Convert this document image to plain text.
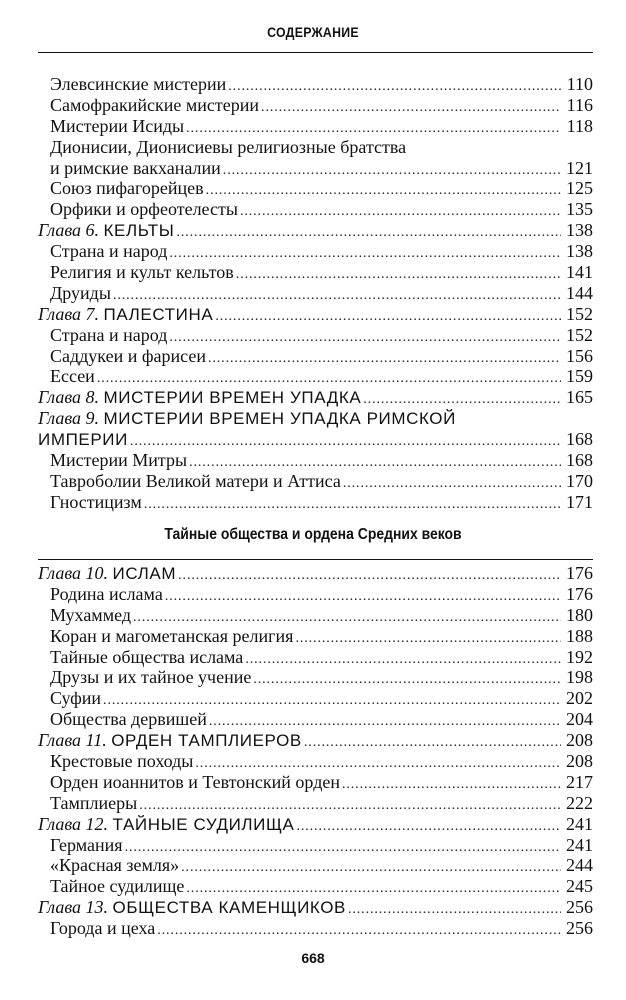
СОДЕРЖАНИЕ
Элевсинские мистерии . . .	110
Самофракийские мистерии . . .	116
Мистерии Исиды . . .	118
Дионисии, Дионисиевы религиозные братства
и римские вакханалии . . .	121
Союз пифагорейцев . . .	125
Орфики и орфеотелесты . . .	135
Глава 6. КЕЛЬТЫ . . .	138
Страна и народ . . .	138
Религия и культ кельтов . . .	141
Друиды . . .	144
Глава 7. ПАЛЕСТИНА . . .	152
Страна и народ . . .	152
Саддукеи и фарисеи . . .	156
Ессеи . . .	159
Глава 8. МИСТЕРИИ ВРЕМЕН УПАДКА . . .	165
Глава 9. МИСТЕРИИ ВРЕМЕН УПАДКА РИМСКОЙ
ИМПЕРИИ . . .	168
Мистерии Митры . . .	168
Тавроболии Великой матери и Аттиса . . .	170
Гностицизм . . .	171
Тайные общества и ордена Средних веков
Глава 10. ИСЛАМ . . .	176
Родина ислама . . .	176
Мухаммед . . .	180
Коран и магометанская религия . . .	188
Тайные общества ислама . . .	192
Друзы и их тайное учение . . .	198
Суфии . . .	202
Общества дервишей . . .	204
Глава 11. ОРДЕН ТАМПЛИЕРОВ . . .	208
Крестовые походы . . .	208
Орден иоаннитов и Тевтонский орден . . .	217
Тамплиеры . . .	222
Глава 12. ТАЙНЫЕ СУДИЛИЩА . . .	241
Германия . . .	241
«Красная земля» . . .	244
Тайное судилище . . .	245
Глава 13. ОБЩЕСТВА КАМЕНЩИКОВ . . .	256
Города и цеха . . .	256
668
